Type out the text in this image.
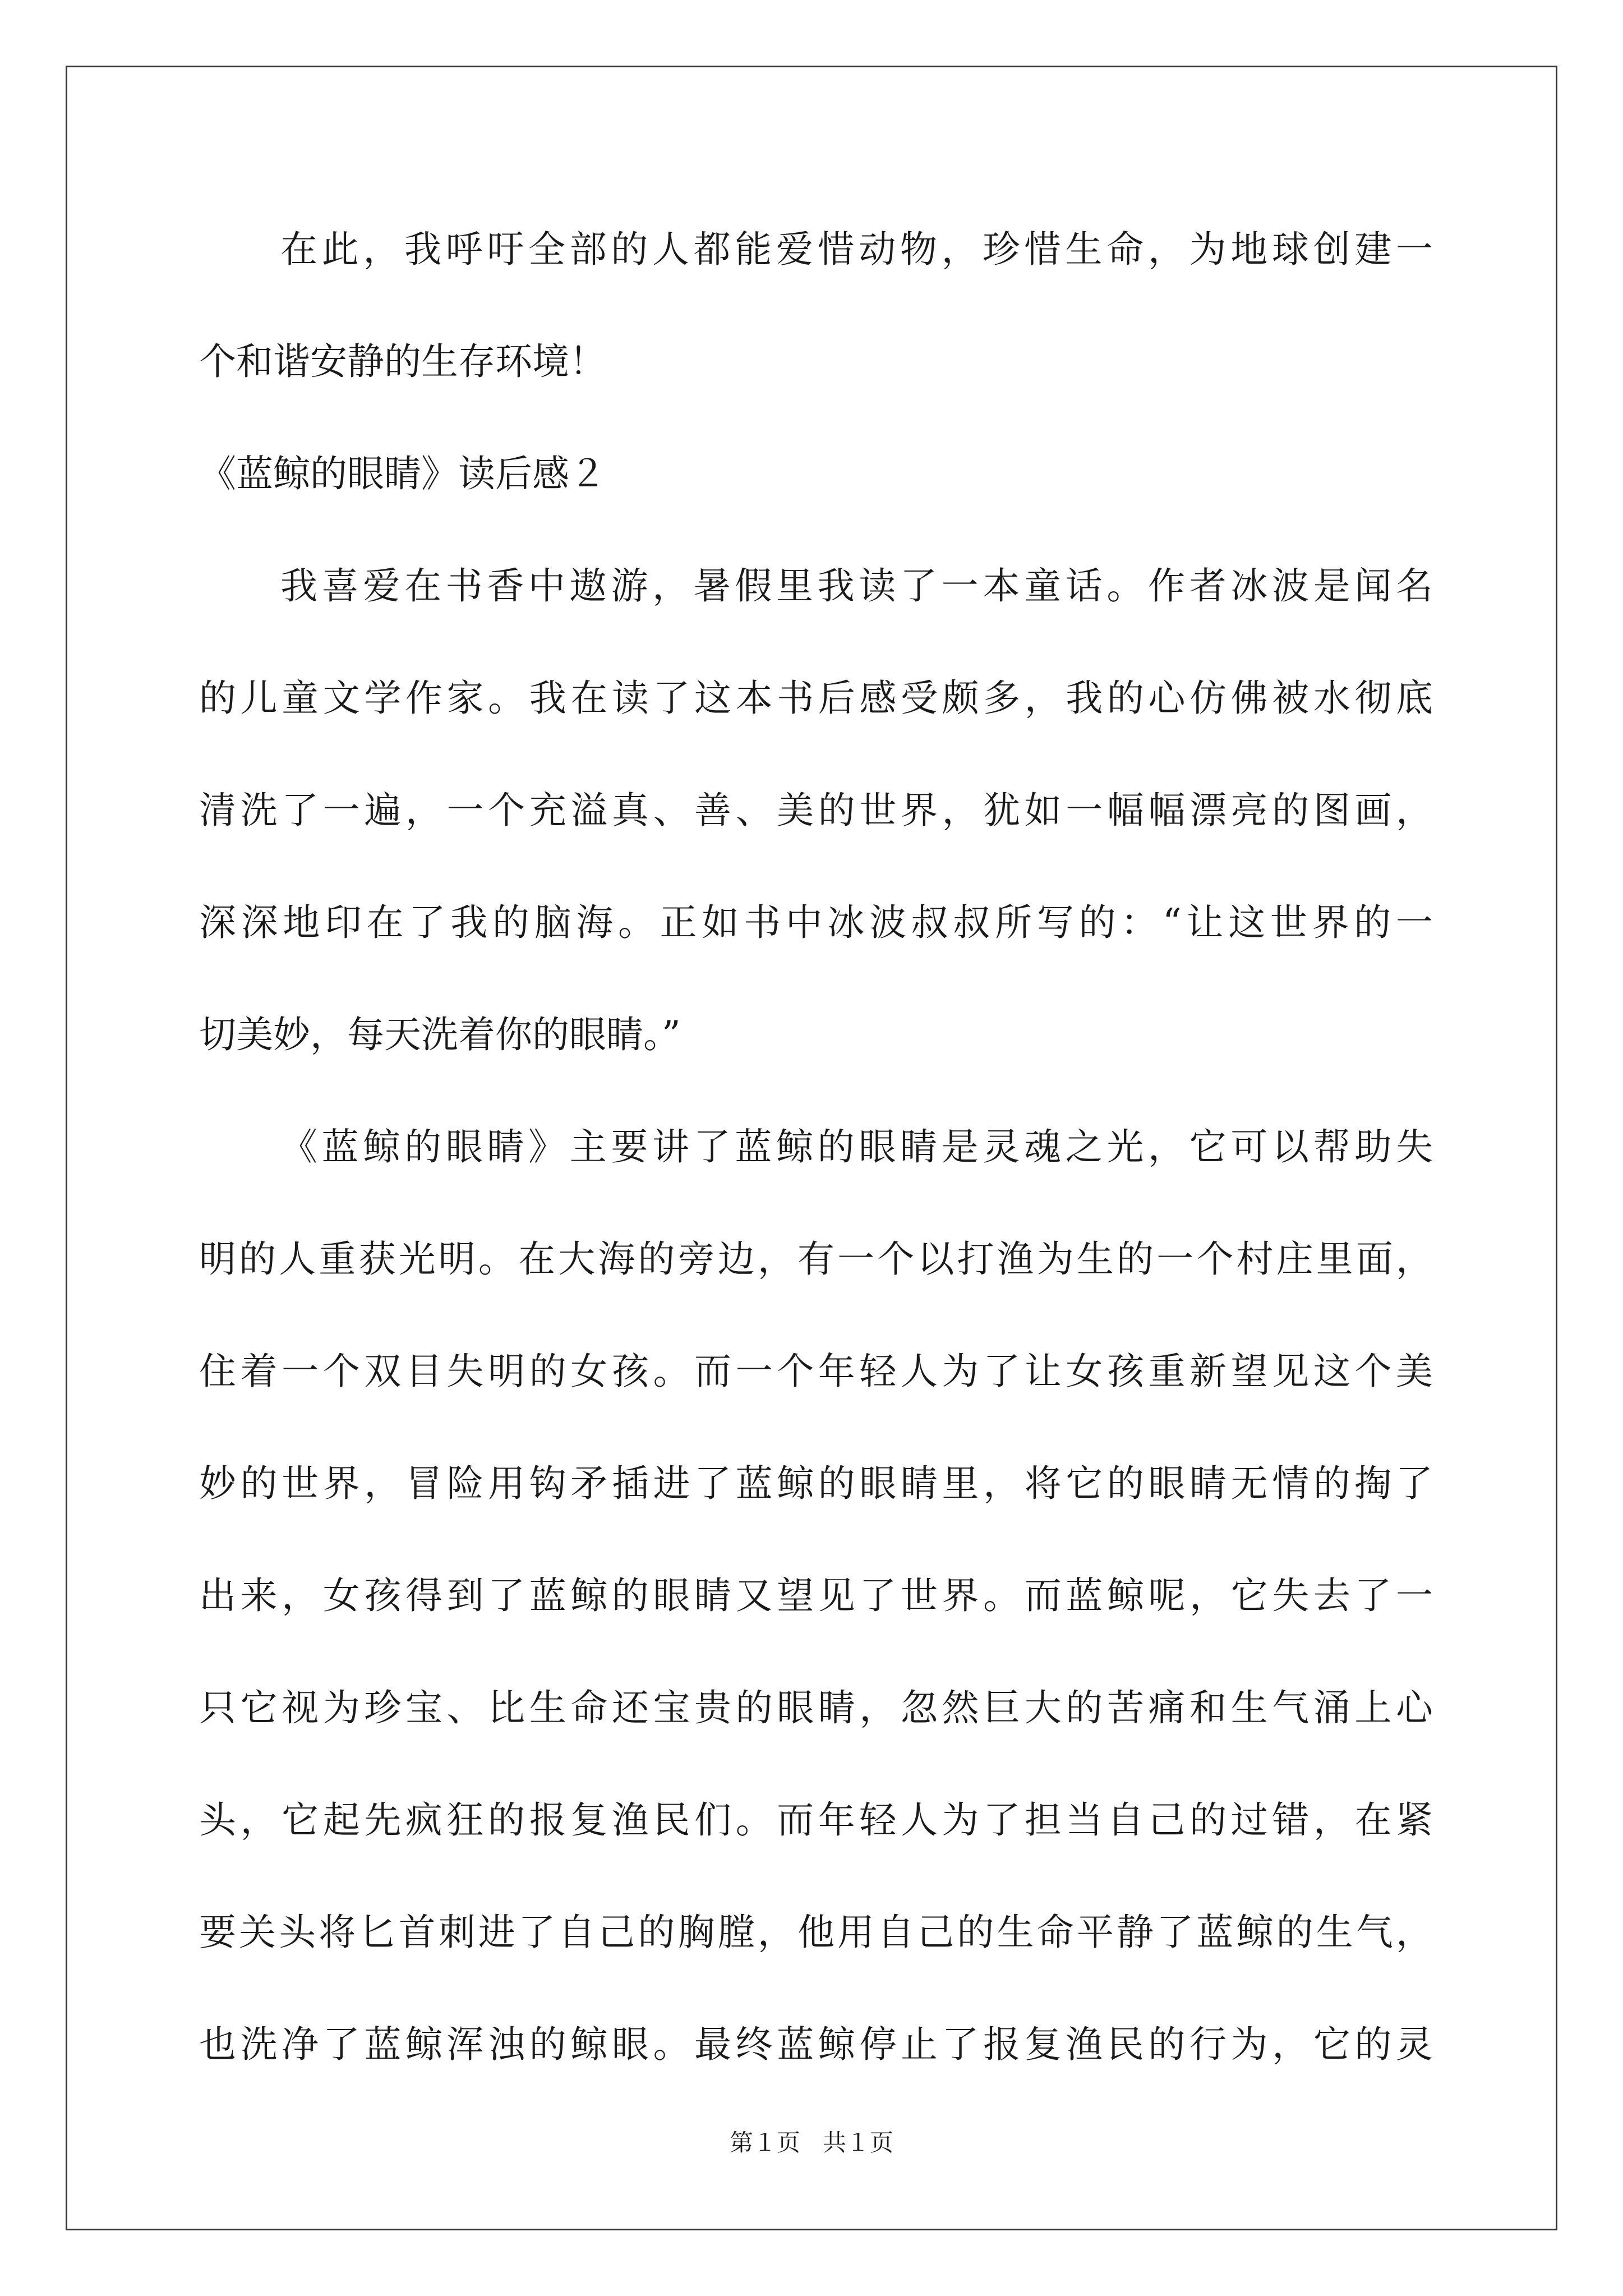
在此，我呼吁全部的人都能爱惜动物，珍惜生命，为地球创建一
个和谐安静的生存环境！
《蓝鲸的眼睛》读后感２
我喜爱在书香中遨游，暑假里我读了一本童话。作者冰波是闻名
的儿童文学作家。我在读了这本书后感受颇多，我的心仿佛被水彻底
清洗了一遍，一个充溢真、善、美的世界，犹如一幅幅漂亮的图画，
深深地印在了我的脑海。正如书中冰波叔叔所写的：“让这世界的一
切美妙，每天洗着你的眼睛。”
《蓝鲸的眼睛》主要讲了蓝鲸的眼睛是灵魂之光，它可以帮助失
明的人重获光明。在大海的旁边，有一个以打渔为生的一个村庄里面，
住着一个双目失明的女孩。而一个年轻人为了让女孩重新望见这个美
妙的世界，冒险用钩矛插进了蓝鲸的眼睛里，将它的眼睛无情的掏了
出来，女孩得到了蓝鲸的眼睛又望见了世界。而蓝鲸呢，它失去了一
只它视为珍宝、比生命还宝贵的眼睛，忽然巨大的苦痛和生气涌上心
头，它起先疯狂的报复渔民们。而年轻人为了担当自己的过错，在紧
要关头将匕首刺进了自己的胸膛，他用自己的生命平静了蓝鲸的生气，
也洗净了蓝鲸浑浊的鲸眼。最终蓝鲸停止了报复渔民的行为，它的灵
第１页 共１页
